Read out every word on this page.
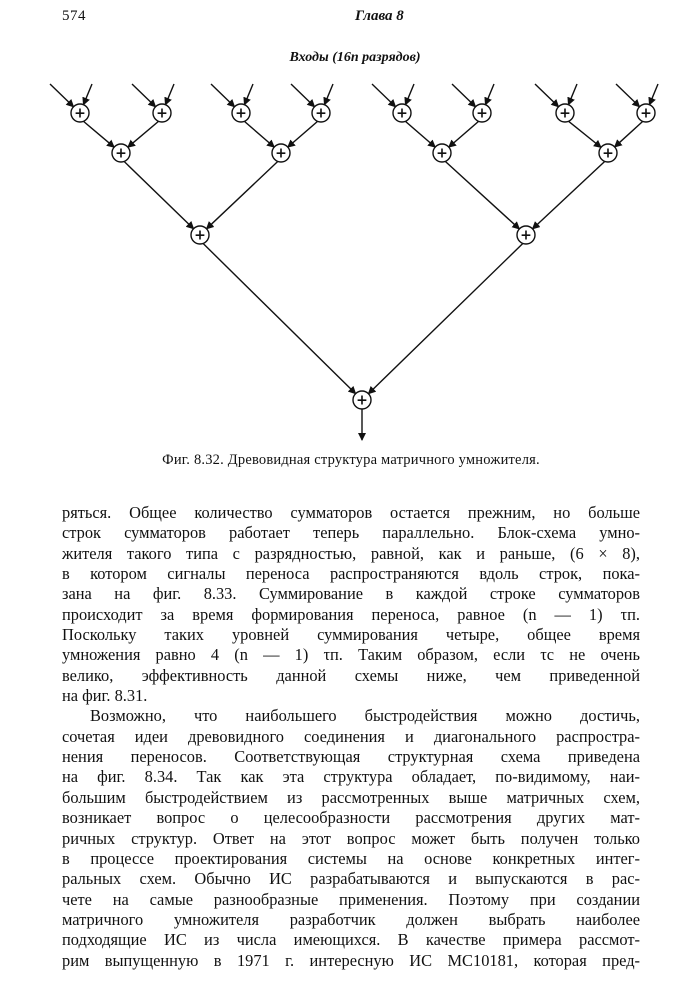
574	Глава 8
Входы (16n разрядов)
+	+	+	+	+	+	+	+
+	+	+	+
+	+
+
Фиг. 8.32. Древовидная структура матричного умножителя.

ряться. Общее количество сумматоров остается прежним, но больше
строк сумматоров работает теперь параллельно. Блок-схема умно-
жителя такого типа с разрядностью, равной, как и раньше, (6 × 8),
в котором сигналы переноса распространяются вдоль строк, пока-
зана на фиг. 8.33. Суммирование в каждой строке сумматоров
происходит за время формирования переноса, равное (n — 1) τп.
Поскольку таких уровней суммирования четыре, общее время
умножения равно 4 (n — 1) τп. Таким образом, если τс не очень
велико, эффективность данной схемы ниже, чем приведенной
на фиг. 8.31.

Возможно, что наибольшего быстродействия можно достичь,
сочетая идеи древовидного соединения и диагонального распростра-
нения переносов. Соответствующая структурная схема приведена
на фиг. 8.34. Так как эта структура обладает, по-видимому, наи-
большим быстродействием из рассмотренных выше матричных схем,
возникает вопрос о целесообразности рассмотрения других мат-
ричных структур. Ответ на этот вопрос может быть получен только
в процессе проектирования системы на основе конкретных интег-
ральных схем. Обычно ИС разрабатываются и выпускаются в рас-
чете на самые разнообразные применения. Поэтому при создании
матричного умножителя разработчик должен выбрать наиболее
подходящие ИС из числа имеющихся. В качестве примера рассмот-
рим выпущенную в 1971 г. интересную ИС MC10181, которая пред-
